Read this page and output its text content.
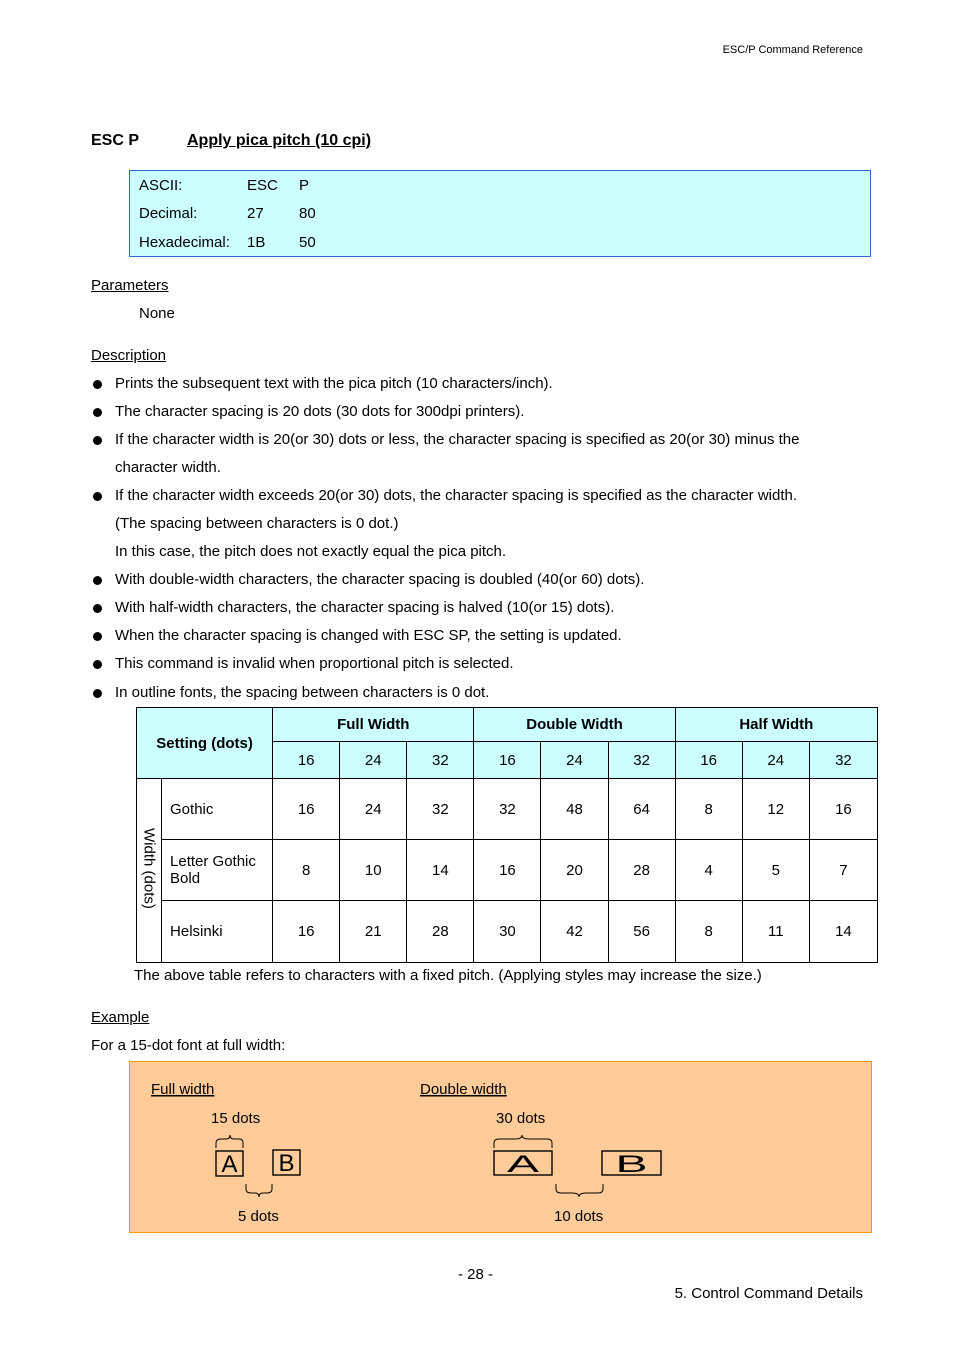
ESC/P Command Reference
ESC P	Apply pica pitch (10 cpi)
ASCII:	ESC P
Decimal:	27 80
Hexadecimal: 1B 50
Parameters
None
Description
Prints the subsequent text with the pica pitch (10 characters/inch).
The character spacing is 20 dots (30 dots for 300dpi printers).
If the character width is 20(or 30) dots or less, the character spacing is specified as 20(or 30) minus the
character width.
If the character width exceeds 20(or 30) dots, the character spacing is specified as the character width.
(The spacing between characters is 0 dot.)
In this case, the pitch does not exactly equal the pica pitch.
With double-width characters, the character spacing is doubled (40(or 60) dots).
With half-width characters, the character spacing is halved (10(or 15) dots).
When the character spacing is changed with ESC SP, the setting is updated.
This command is invalid when proportional pitch is selected.
In outline fonts, the spacing between characters is 0 dot.
Setting (dots)		Full Width			Double Width			Half Width		
		16	24	32	16	24	32	16	24	32
Width (dots)	Gothic	16	24	32	32	48	64	8	12	16
	Letter Gothic Bold	8	10	14	16	20	28	4	5	7
	Helsinki	16	21	28	30	42	56	8	11	14
The above table refers to characters with a fixed pitch. (Applying styles may increase the size.)
Example
For a 15-dot font at full width:
Full width	Double width
15 dots
A B
5 dots
30 dots
A	B
10 dots
- 28 -
5. Control Command Details
